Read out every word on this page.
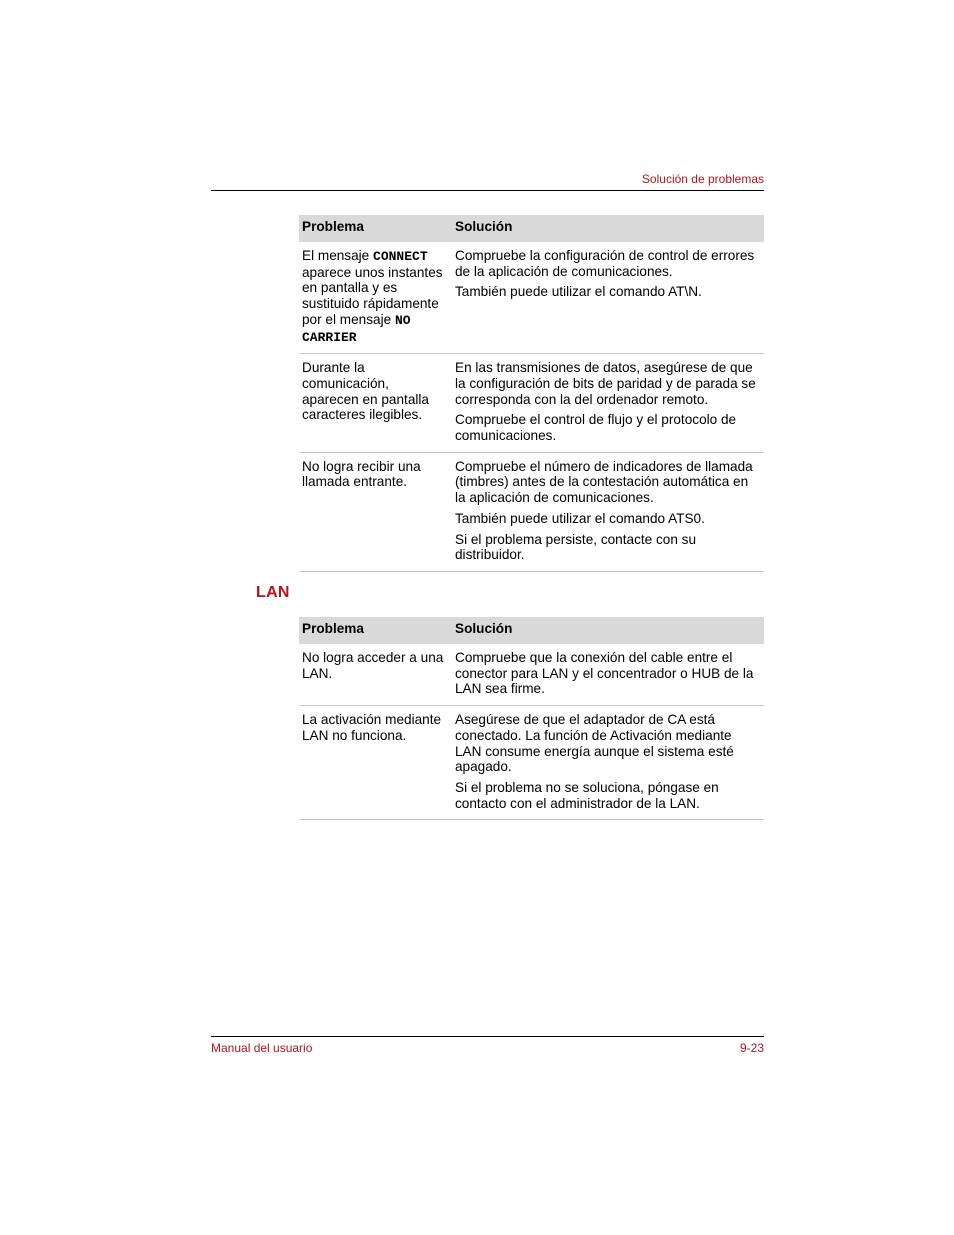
Solución de problemas
Problema	Solución
El mensaje CONNECT aparece unos instantes en pantalla y es sustituido rápidamente por el mensaje NO CARRIER	Compruebe la configuración de control de errores de la aplicación de comunicaciones.

También puede utilizar el comando AT\N.

Durante la comunicación, aparecen en pantalla caracteres ilegibles.	En las transmisiones de datos, asegúrese de que la configuración de bits de paridad y de parada se corresponda con la del ordenador remoto.

Compruebe el control de flujo y el protocolo de comunicaciones.

No logra recibir una llamada entrante.	Compruebe el número de indicadores de llamada (timbres) antes de la contestación automática en la aplicación de comunicaciones.

También puede utilizar el comando ATS0.

Si el problema persiste, contacte con su distribuidor.

LAN
Problema	Solución
No logra acceder a una LAN.	Compruebe que la conexión del cable entre el conector para LAN y el concentrador o HUB de la LAN sea firme.

La activación mediante LAN no funciona.	Asegúrese de que el adaptador de CA está conectado. La función de Activación mediante LAN consume energía aunque el sistema esté apagado.

Si el problema no se soluciona, póngase en contacto con el administrador de la LAN.

Manual del usuario	9-23
